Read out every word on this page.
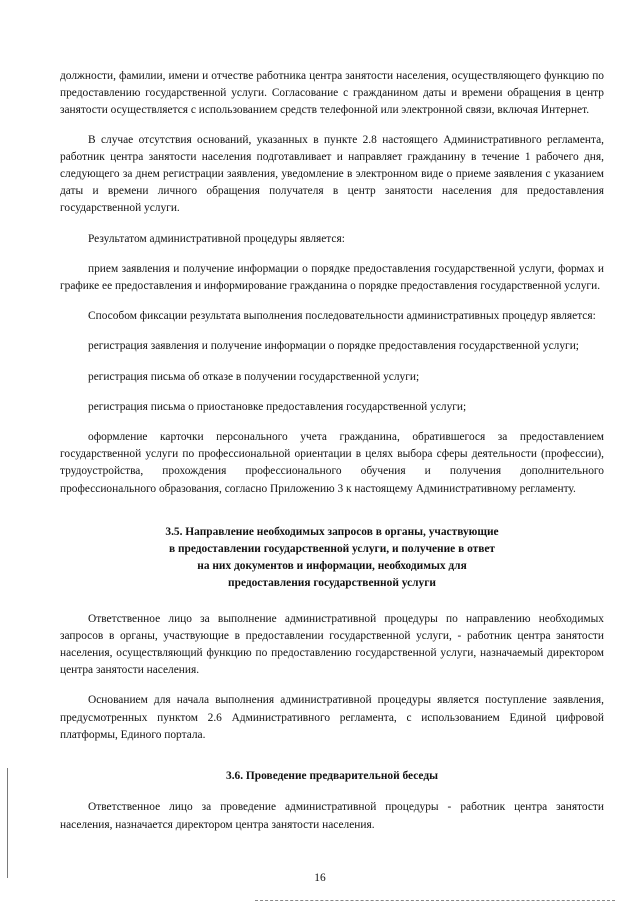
должности, фамилии, имени и отчестве работника центра занятости населения, осуществляющего функцию по предоставлению государственной услуги. Согласование с гражданином даты и времени обращения в центр занятости осуществляется с использованием средств телефонной или электронной связи, включая Интернет.

В случае отсутствия оснований, указанных в пункте 2.8 настоящего Административного регламента, работник центра занятости населения подготавливает и направляет гражданину в течение 1 рабочего дня, следующего за днем регистрации заявления, уведомление в электронном виде о приеме заявления с указанием даты и времени личного обращения получателя в центр занятости населения для предоставления государственной услуги.

Результатом административной процедуры является:

прием заявления и получение информации о порядке предоставления государственной услуги, формах и графике ее предоставления и информирование гражданина о порядке предоставления государственной услуги.

Способом фиксации результата выполнения последовательности административных процедур является:

регистрация заявления и получение информации о порядке предоставления государственной услуги;

регистрация письма об отказе в получении государственной услуги;

регистрация письма о приостановке предоставления государственной услуги;

оформление карточки персонального учета гражданина, обратившегося за предоставлением государственной услуги по профессиональной ориентации в целях выбора сферы деятельности (профессии), трудоустройства, прохождения профессионального обучения и получения дополнительного профессионального образования, согласно Приложению 3 к настоящему Административному регламенту.

3.5. Направление необходимых запросов в органы, участвующие
в предоставлении государственной услуги, и получение в ответ
на них документов и информации, необходимых для
предоставления государственной услуги

Ответственное лицо за выполнение административной процедуры по направлению необходимых запросов в органы, участвующие в предоставлении государственной услуги, - работник центра занятости населения, осуществляющий функцию по предоставлению государственной услуги, назначаемый директором центра занятости населения.

Основанием для начала выполнения административной процедуры является поступление заявления, предусмотренных пунктом 2.6 Административного регламента, с использованием Единой цифровой платформы, Единого портала.

3.6. Проведение предварительной беседы

Ответственное лицо за проведение административной процедуры - работник центра занятости населения, назначается директором центра занятости населения.

16
